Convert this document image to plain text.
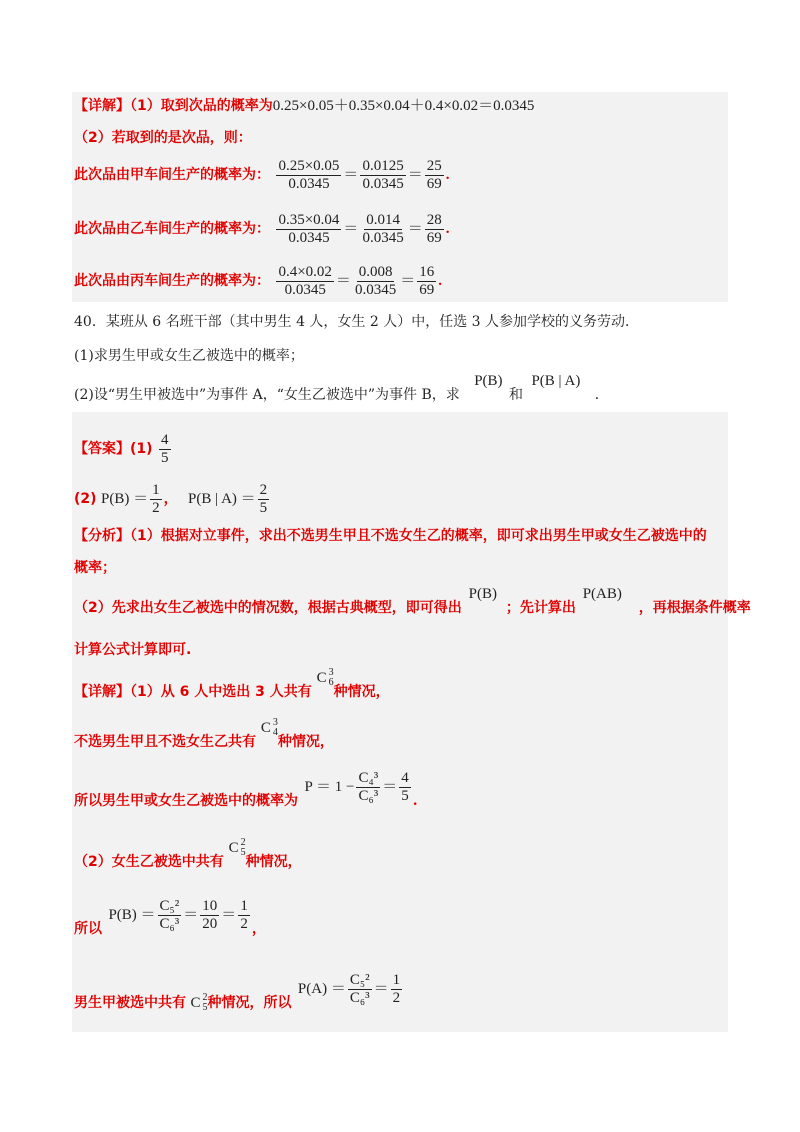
【详解】（1）取到次品的概率为0.25×0.05＋0.35×0.04＋0.4×0.02＝0.0345
（2）若取到的是次品，则：
此次品由甲车间生产的概率为： $\frac{0.25\times 0.05}{0.0345} = \frac{0.0125}{0.0345} = \frac{25}{69}$ .
此次品由乙车间生产的概率为： $\frac{0.35\times 0.04}{0.0345} = \frac{0.014}{0.0345} = \frac{28}{69}$ .
此次品由丙车间生产的概率为： $\frac{0.4\times 0.02}{0.0345} = \frac{0.008}{0.0345} = \frac{16}{69}$ .
40．某班从 6 名班干部（其中男生 4 人，女生 2 人）中，任选 3 人参加学校的义务劳动．
(1)求男生甲或女生乙被选中的概率；
(2)设“男生甲被选中”为事件 A，“女生乙被选中”为事件 B，求 P(B) 和 P(B | A) ．
【答案】$(1) \frac{4}{5}$
(2) $P(B) = \frac{1}{2}$ ， P(B | $A) = \frac{2}{5}$
【分析】（1）根据对立事件，求出不选男生甲且不选女生乙的概率，即可求出男生甲或女生乙被选中的
概率；
（2）先求出女生乙被选中的情况数，根据古典概型，即可得出 P(B) ；先计算出 P(AB) ，再根据条件概率
计算公式计算即可.
【详解】（1）从 6 人中选出 3 人共有 C 3
6
种情况，
不选男生甲且不选女生乙共有 C 3
4
种情况，
所以男生甲或女生乙被选中的概率为 $P = 1 - \frac{\text{C₄³}}{\text{C₆³}} = \frac{4}{5}$ .
（2）女生乙被选中共有 C 2
5
种情况，
所以 $P(B) = \frac{\text{C₅²}}{\text{C₆³}} = \frac{10}{20} = \frac{1}{2}$ ，
男生甲被选中共有 C 2
5 种情况，所以 $P(A) = \frac{\text{C₅²}}{\text{C₆³}} = \frac{1}{2}$
